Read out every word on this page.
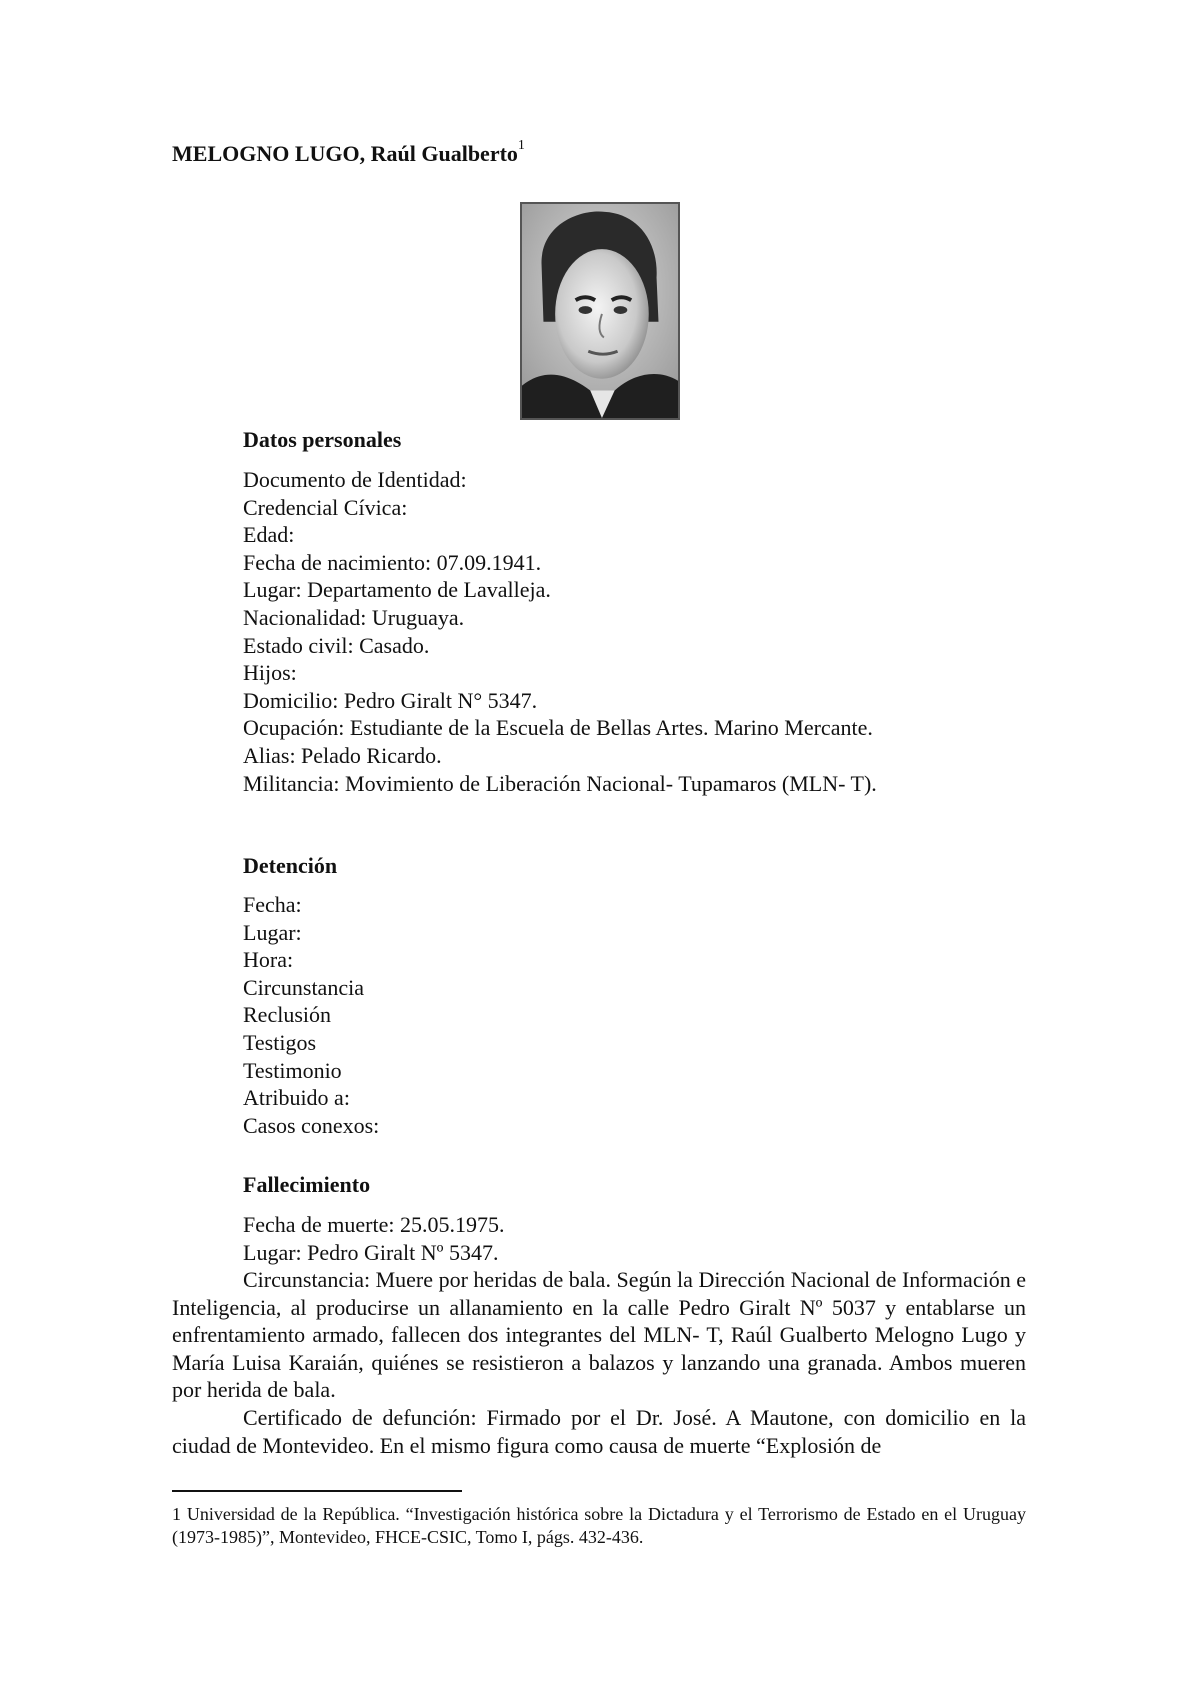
MELOGNO LUGO, Raúl Gualberto$^1$
Datos personales
Documento de Identidad:
Credencial Cívica:
Edad:
Fecha de nacimiento: 07.09.1941.
Lugar: Departamento de Lavalleja.
Nacionalidad: Uruguaya.
Estado civil: Casado.
Hijos:
Domicilio: Pedro Giralt N° 5347.
Ocupación: Estudiante de la Escuela de Bellas Artes. Marino Mercante.
Alias: Pelado Ricardo.
Militancia: Movimiento de Liberación Nacional- Tupamaros (MLN- T).
Detención
Fecha:
Lugar:
Hora:
Circunstancia
Reclusión
Testigos
Testimonio
Atribuido a:
Casos conexos:
Fallecimiento
Fecha de muerte: 25.05.1975.
Lugar: Pedro Giralt Nº 5347.

Circunstancia: Muere por heridas de bala. Según la Dirección Nacional de Información e Inteligencia, al producirse un allanamiento en la calle Pedro Giralt Nº 5037 y entablarse un enfrentamiento armado, fallecen dos integrantes del MLN- T, Raúl Gualberto Melogno Lugo y María Luisa Karaián, quiénes se resistieron a balazos y lanzando una granada. Ambos mueren por herida de bala.

Certificado de defunción: Firmado por el Dr. José. A Mautone, con domicilio en la ciudad de Montevideo. En el mismo figura como causa de muerte “Explosión de

1 Universidad de la República. “Investigación histórica sobre la Dictadura y el Terrorismo de Estado en el Uruguay (1973-1985)”, Montevideo, FHCE-CSIC, Tomo I, págs. 432-436.
